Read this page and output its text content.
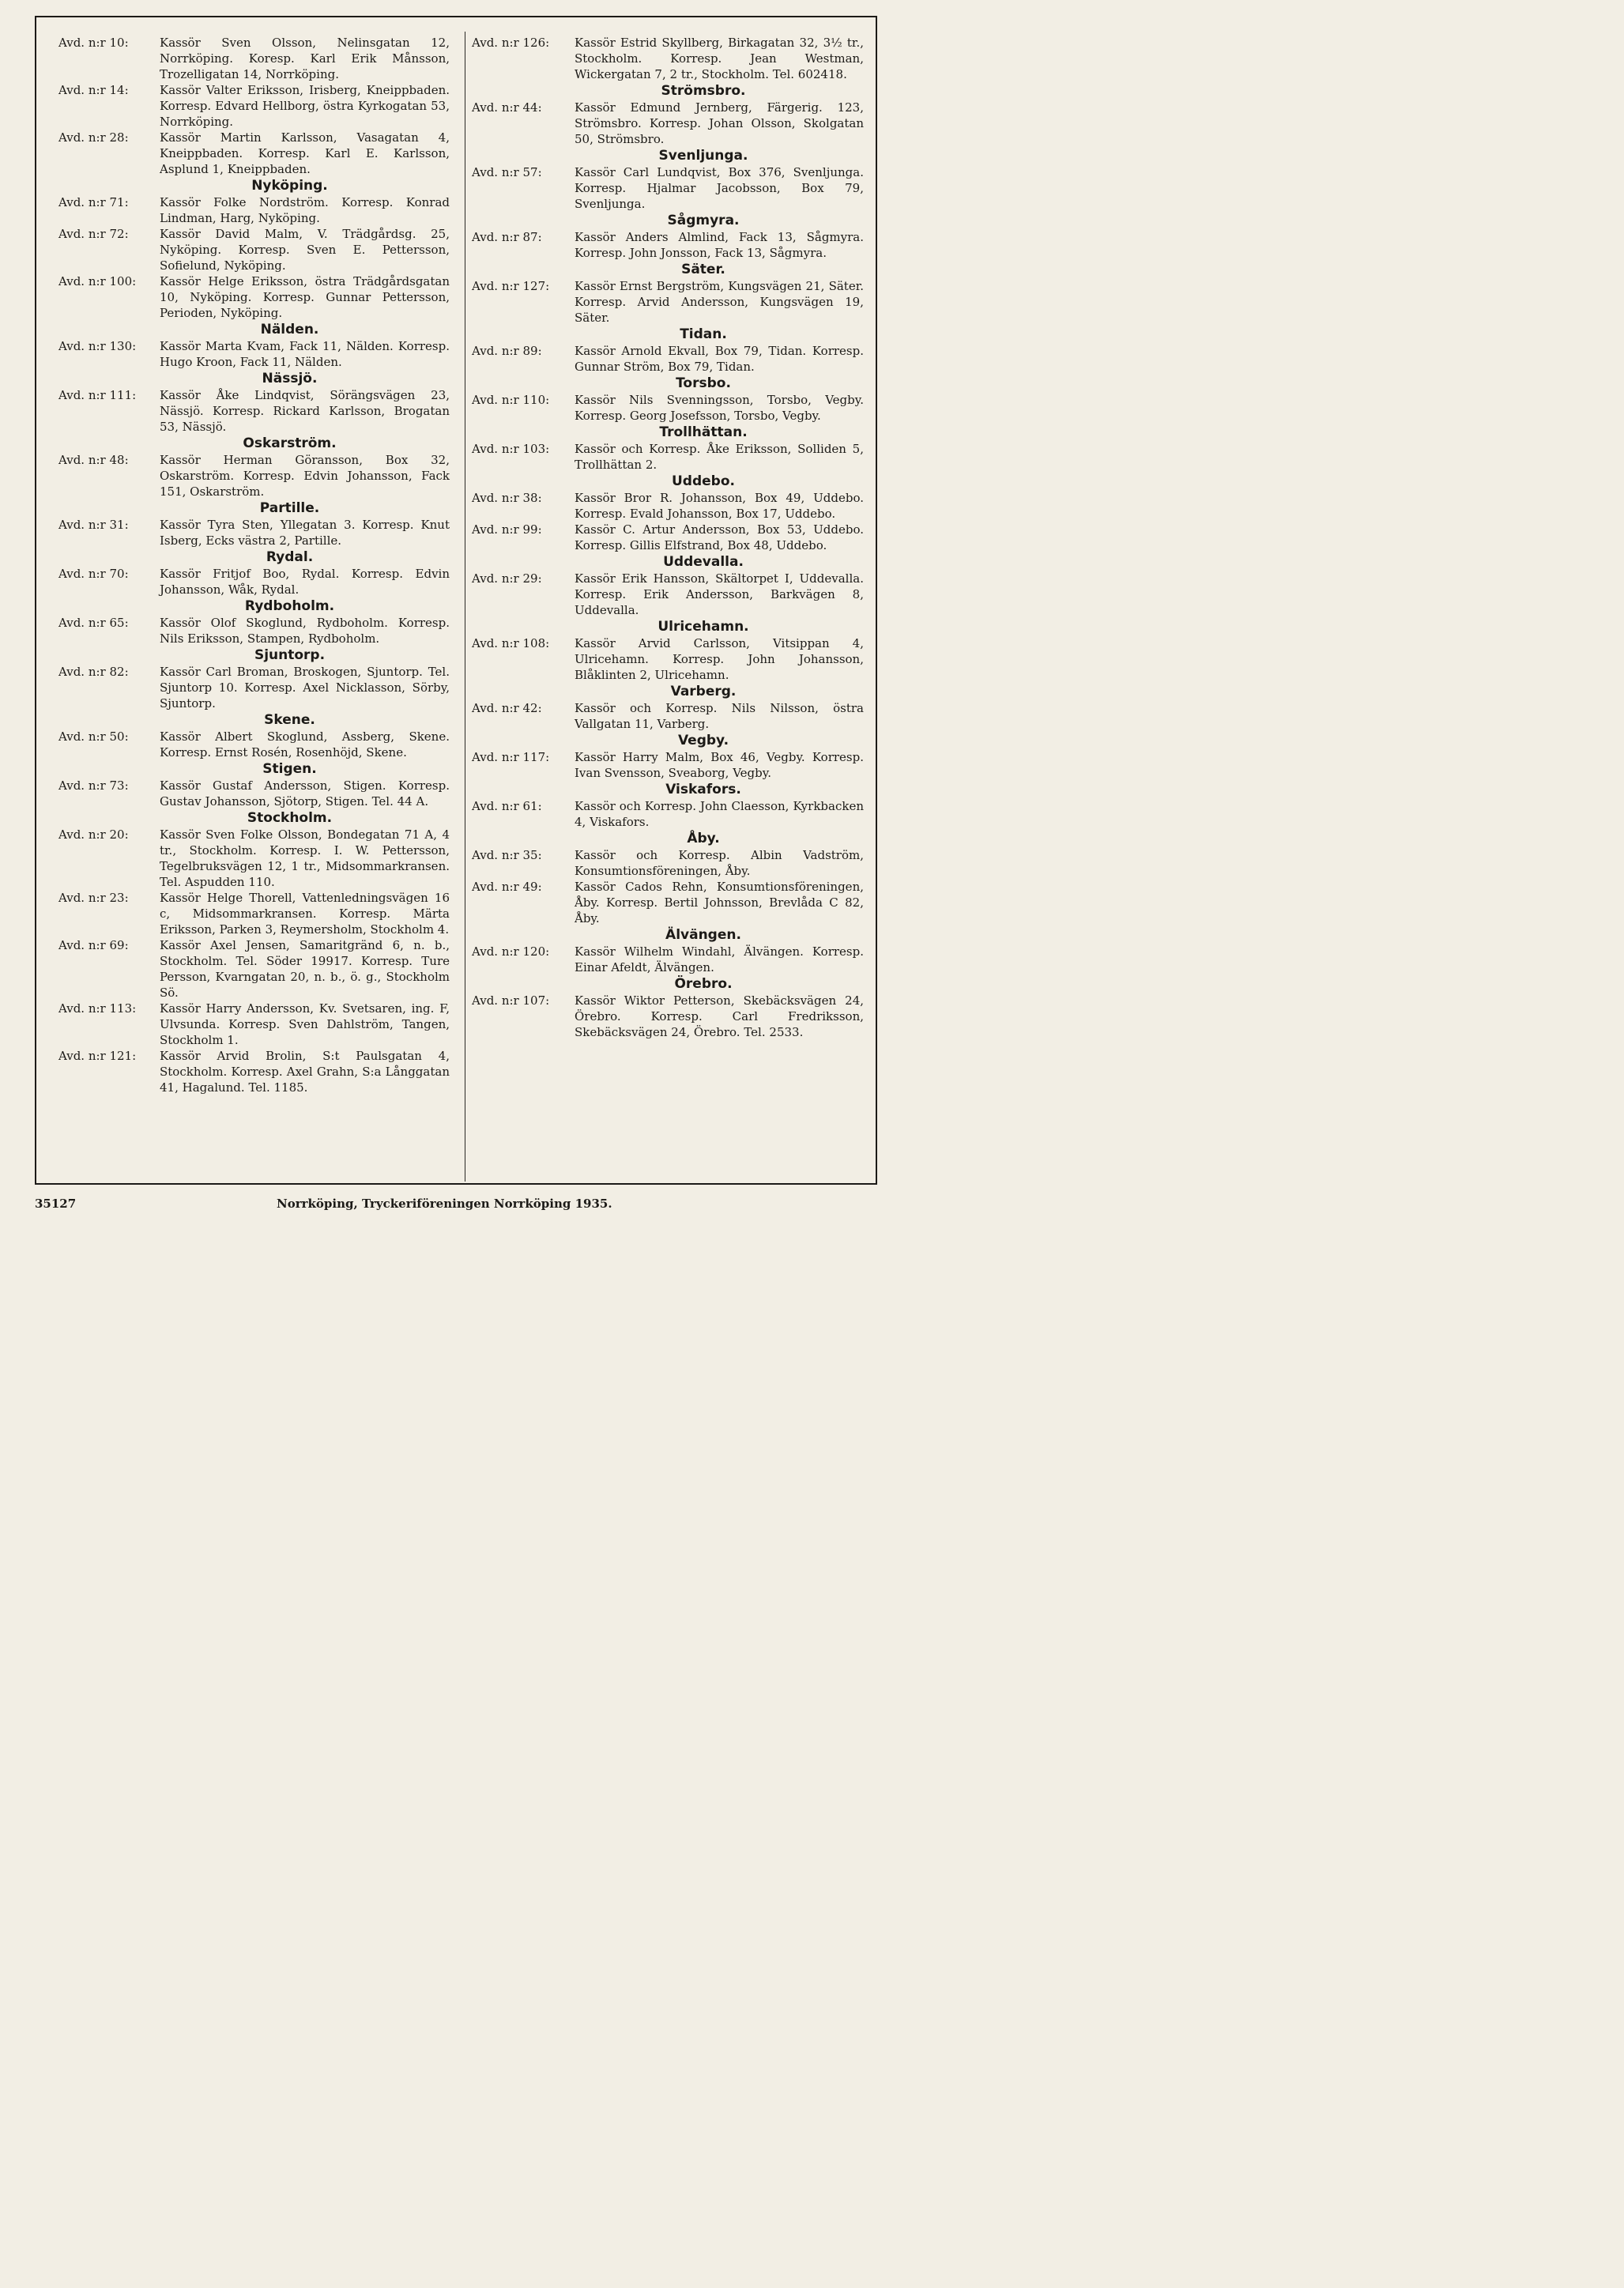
Avd. n:r 10:	Kassör Sven Olsson, Nelinsgatan 12, Norrköping. Koresp. Karl Erik Månsson, Trozelligatan 14, Norrköping.
Avd. n:r 14:	Kassör Valter Eriksson, Irisberg, Kneippbaden. Korresp. Edvard Hellborg, östra Kyrkogatan 53, Norrköping.
Avd. n:r 28:	Kassör Martin Karlsson, Vasagatan 4, Kneippbaden. Korresp. Karl E. Karlsson, Asplund 1, Kneippbaden.
Nyköping.
Avd. n:r 71:	Kassör Folke Nordström. Korresp. Konrad Lindman, Harg, Nyköping.
Avd. n:r 72:	Kassör David Malm, V. Trädgårdsg. 25, Nyköping. Korresp. Sven E. Pettersson, Sofielund, Nyköping.
Avd. n:r 100:	Kassör Helge Eriksson, östra Trädgårdsgatan 10, Nyköping. Korresp. Gunnar Pettersson, Perioden, Nyköping.
Nälden.
Avd. n:r 130:	Kassör Marta Kvam, Fack 11, Nälden. Korresp. Hugo Kroon, Fack 11, Nälden.
Nässjö.
Avd. n:r 111:	Kassör Åke Lindqvist, Sörängsvägen 23, Nässjö. Korresp. Rickard Karlsson, Brogatan 53, Nässjö.
Oskarström.
Avd. n:r 48:	Kassör Herman Göransson, Box 32, Oskarström. Korresp. Edvin Johansson, Fack 151, Oskarström.
Partille.
Avd. n:r 31:	Kassör Tyra Sten, Yllegatan 3. Korresp. Knut Isberg, Ecks västra 2, Partille.
Rydal.
Avd. n:r 70:	Kassör Fritjof Boo, Rydal. Korresp. Edvin Johansson, Wåk, Rydal.
Rydboholm.
Avd. n:r 65:	Kassör Olof Skoglund, Rydboholm. Korresp. Nils Eriksson, Stampen, Rydboholm.
Sjuntorp.
Avd. n:r 82:	Kassör Carl Broman, Broskogen, Sjuntorp. Tel. Sjuntorp 10. Korresp. Axel Nicklasson, Sörby, Sjuntorp.
Skene.
Avd. n:r 50:	Kassör Albert Skoglund, Assberg, Skene. Korresp. Ernst Rosén, Rosenhöjd, Skene.
Stigen.
Avd. n:r 73:	Kassör Gustaf Andersson, Stigen. Korresp. Gustav Johansson, Sjötorp, Stigen. Tel. 44 A.
Stockholm.
Avd. n:r 20:	Kassör Sven Folke Olsson, Bondegatan 71 A, 4 tr., Stockholm. Korresp. I. W. Pettersson, Tegelbruksvägen 12, 1 tr., Midsommarkransen. Tel. Aspudden 110.
Avd. n:r 23:	Kassör Helge Thorell, Vattenledningsvägen 16 c, Midsommarkransen. Korresp. Märta Eriksson, Parken 3, Reymersholm, Stockholm 4.
Avd. n:r 69:	Kassör Axel Jensen, Samaritgränd 6, n. b., Stockholm. Tel. Söder 19917. Korresp. Ture Persson, Kvarngatan 20, n. b., ö. g., Stockholm Sö.
Avd. n:r 113:	Kassör Harry Andersson, Kv. Svetsaren, ing. F, Ulvsunda. Korresp. Sven Dahlström, Tangen, Stockholm 1.
Avd. n:r 121:	Kassör Arvid Brolin, S:t Paulsgatan 4, Stockholm. Korresp. Axel Grahn, S:a Långgatan 41, Hagalund. Tel. 1185.
Avd. n:r 126:	Kassör Estrid Skyllberg, Birkagatan 32, 3½ tr., Stockholm. Korresp. Jean Westman, Wickergatan 7, 2 tr., Stockholm. Tel. 602418.
Strömsbro.
Avd. n:r 44:	Kassör Edmund Jernberg, Färgerig. 123, Strömsbro. Korresp. Johan Olsson, Skolgatan 50, Strömsbro.
Svenljunga.
Avd. n:r 57:	Kassör Carl Lundqvist, Box 376, Svenljunga. Korresp. Hjalmar Jacobsson, Box 79, Svenljunga.
Sågmyra.
Avd. n:r 87:	Kassör Anders Almlind, Fack 13, Sågmyra. Korresp. John Jonsson, Fack 13, Sågmyra.
Säter.
Avd. n:r 127:	Kassör Ernst Bergström, Kungsvägen 21, Säter. Korresp. Arvid Andersson, Kungsvägen 19, Säter.
Tidan.
Avd. n:r 89:	Kassör Arnold Ekvall, Box 79, Tidan. Korresp. Gunnar Ström, Box 79, Tidan.
Torsbo.
Avd. n:r 110:	Kassör Nils Svenningsson, Torsbo, Vegby. Korresp. Georg Josefsson, Torsbo, Vegby.
Trollhättan.
Avd. n:r 103:	Kassör och Korresp. Åke Eriksson, Solliden 5, Trollhättan 2.
Uddebo.
Avd. n:r 38:	Kassör Bror R. Johansson, Box 49, Uddebo. Korresp. Evald Johansson, Box 17, Uddebo.
Avd. n:r 99:	Kassör C. Artur Andersson, Box 53, Uddebo. Korresp. Gillis Elfstrand, Box 48, Uddebo.
Uddevalla.
Avd. n:r 29:	Kassör Erik Hansson, Skältorpet I, Uddevalla. Korresp. Erik Andersson, Barkvägen 8, Uddevalla.
Ulricehamn.
Avd. n:r 108:	Kassör Arvid Carlsson, Vitsippan 4, Ulricehamn. Korresp. John Johansson, Blåklinten 2, Ulricehamn.
Varberg.
Avd. n:r 42:	Kassör och Korresp. Nils Nilsson, östra Vallgatan 11, Varberg.
Vegby.
Avd. n:r 117:	Kassör Harry Malm, Box 46, Vegby. Korresp. Ivan Svensson, Sveaborg, Vegby.
Viskafors.
Avd. n:r 61:	Kassör och Korresp. John Claesson, Kyrkbacken 4, Viskafors.
Åby.
Avd. n:r 35:	Kassör och Korresp. Albin Vadström, Konsumtionsföreningen, Åby.
Avd. n:r 49:	Kassör Cados Rehn, Konsumtionsföreningen, Åby. Korresp. Bertil Johnsson, Brevlåda C 82, Åby.
Älvängen.
Avd. n:r 120:	Kassör Wilhelm Windahl, Älvängen. Korresp. Einar Afeldt, Älvängen.
Örebro.
Avd. n:r 107:	Kassör Wiktor Petterson, Skebäcksvägen 24, Örebro. Korresp. Carl Fredriksson, Skebäcksvägen 24, Örebro. Tel. 2533.
35127	Norrköping, Tryckeriföreningen Norrköping 1935.
